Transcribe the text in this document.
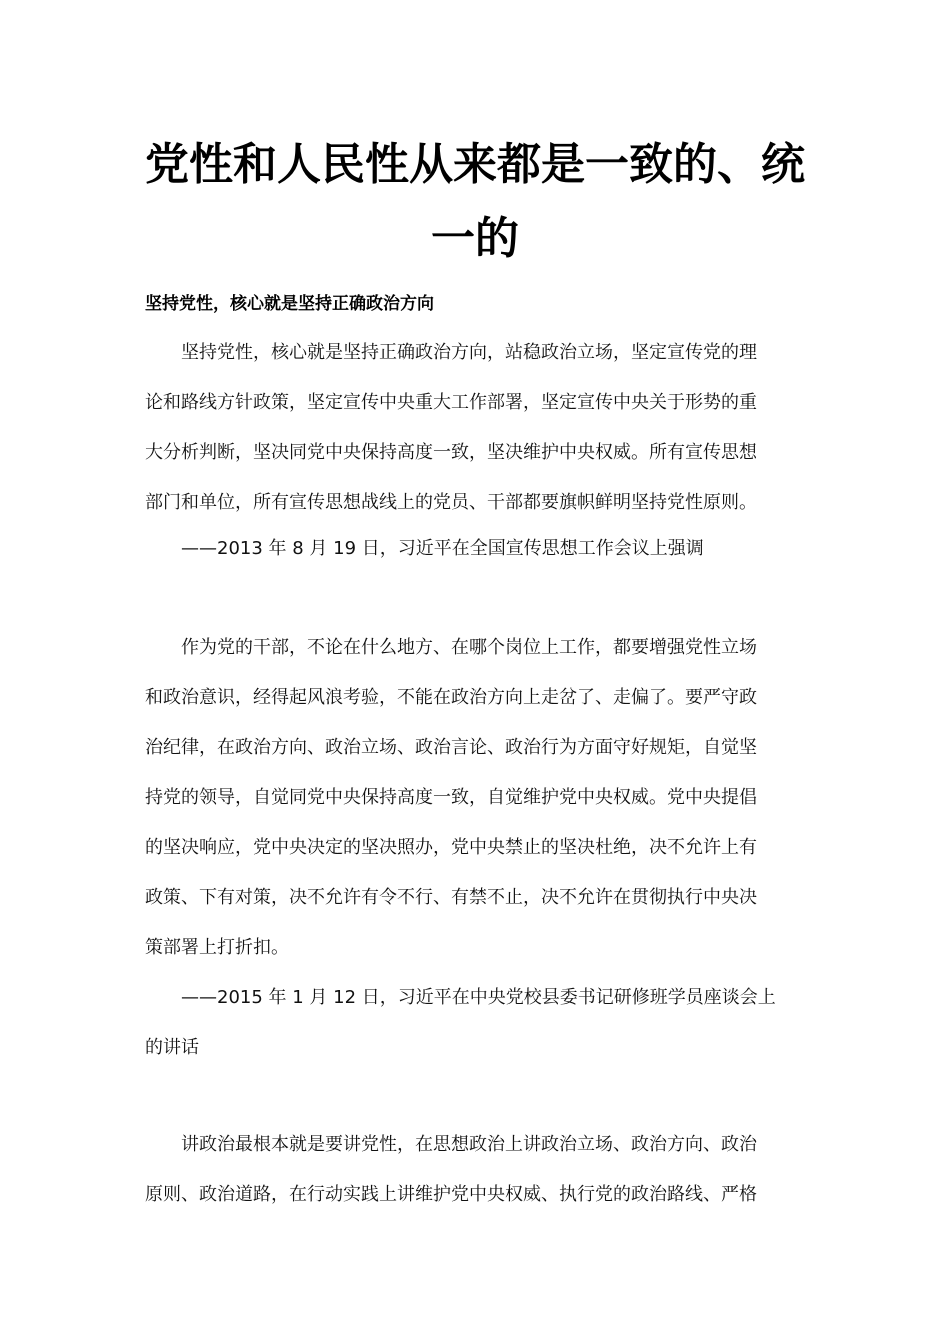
党性和人民性从来都是一致的、统
一的
坚持党性，核心就是坚持正确政治方向
坚持党性，核心就是坚持正确政治方向，站稳政治立场，坚定宣传党的理
论和路线方针政策，坚定宣传中央重大工作部署，坚定宣传中央关于形势的重
大分析判断，坚决同党中央保持高度一致，坚决维护中央权威。所有宣传思想
部门和单位，所有宣传思想战线上的党员、干部都要旗帜鲜明坚持党性原则。
——2013 年 8 月 19 日，习近平在全国宣传思想工作会议上强调
作为党的干部，不论在什么地方、在哪个岗位上工作，都要增强党性立场
和政治意识，经得起风浪考验，不能在政治方向上走岔了、走偏了。要严守政
治纪律，在政治方向、政治立场、政治言论、政治行为方面守好规矩，自觉坚
持党的领导，自觉同党中央保持高度一致，自觉维护党中央权威。党中央提倡
的坚决响应，党中央决定的坚决照办，党中央禁止的坚决杜绝，决不允许上有
政策、下有对策，决不允许有令不行、有禁不止，决不允许在贯彻执行中央决
策部署上打折扣。
——2015 年 1 月 12 日，习近平在中央党校县委书记研修班学员座谈会上
的讲话
讲政治最根本就是要讲党性，在思想政治上讲政治立场、政治方向、政治
原则、政治道路，在行动实践上讲维护党中央权威、执行党的政治路线、严格
